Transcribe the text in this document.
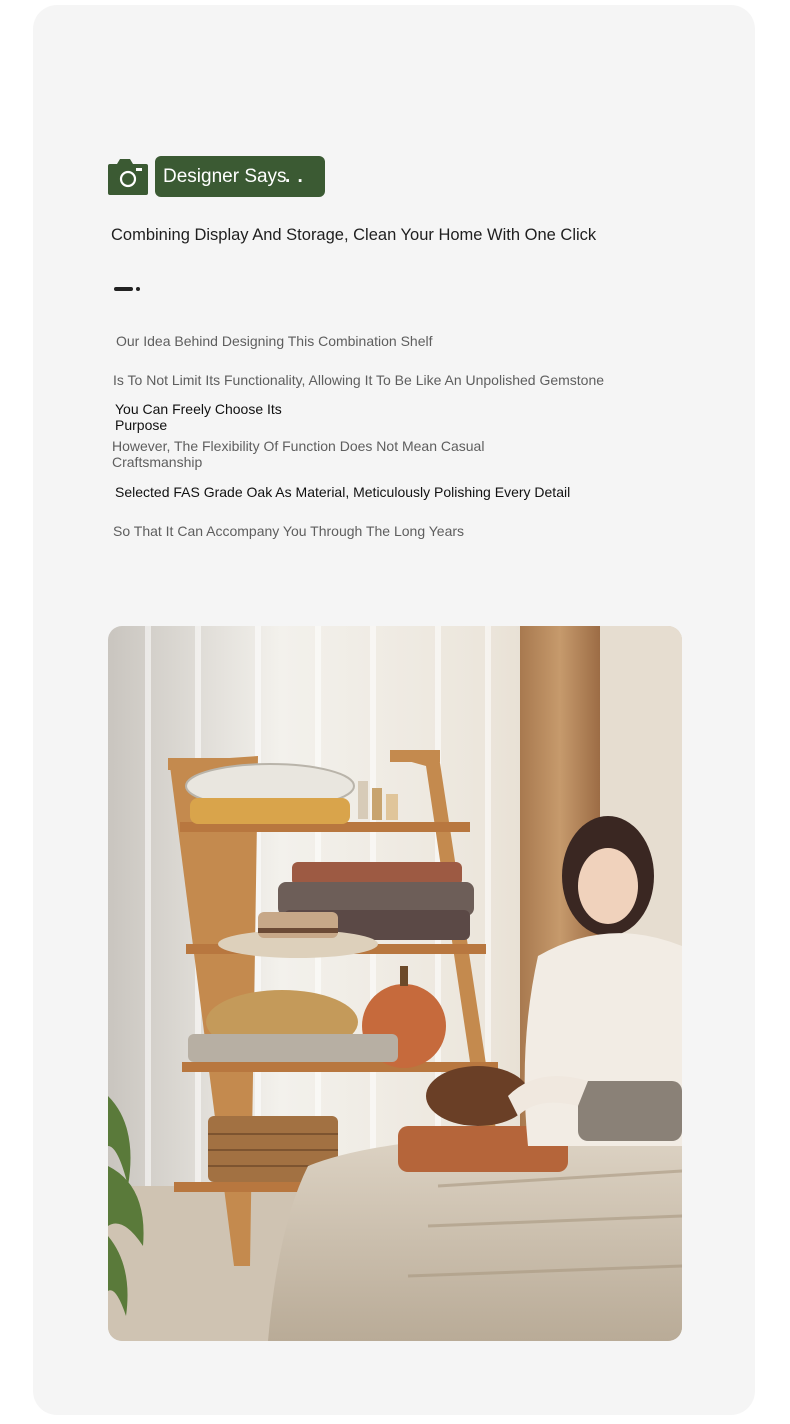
Designer Says
. .
Combining Display And Storage, Clean Your Home With One Click
Our Idea Behind Designing This Combination Shelf
Is To Not Limit Its Functionality, Allowing It To Be Like An Unpolished Gemstone
You Can Freely Choose Its
Purpose
However, The Flexibility Of Function Does Not Mean Casual
Craftsmanship
Selected FAS Grade Oak As Material, Meticulously Polishing Every Detail
So That It Can Accompany You Through The Long Years
